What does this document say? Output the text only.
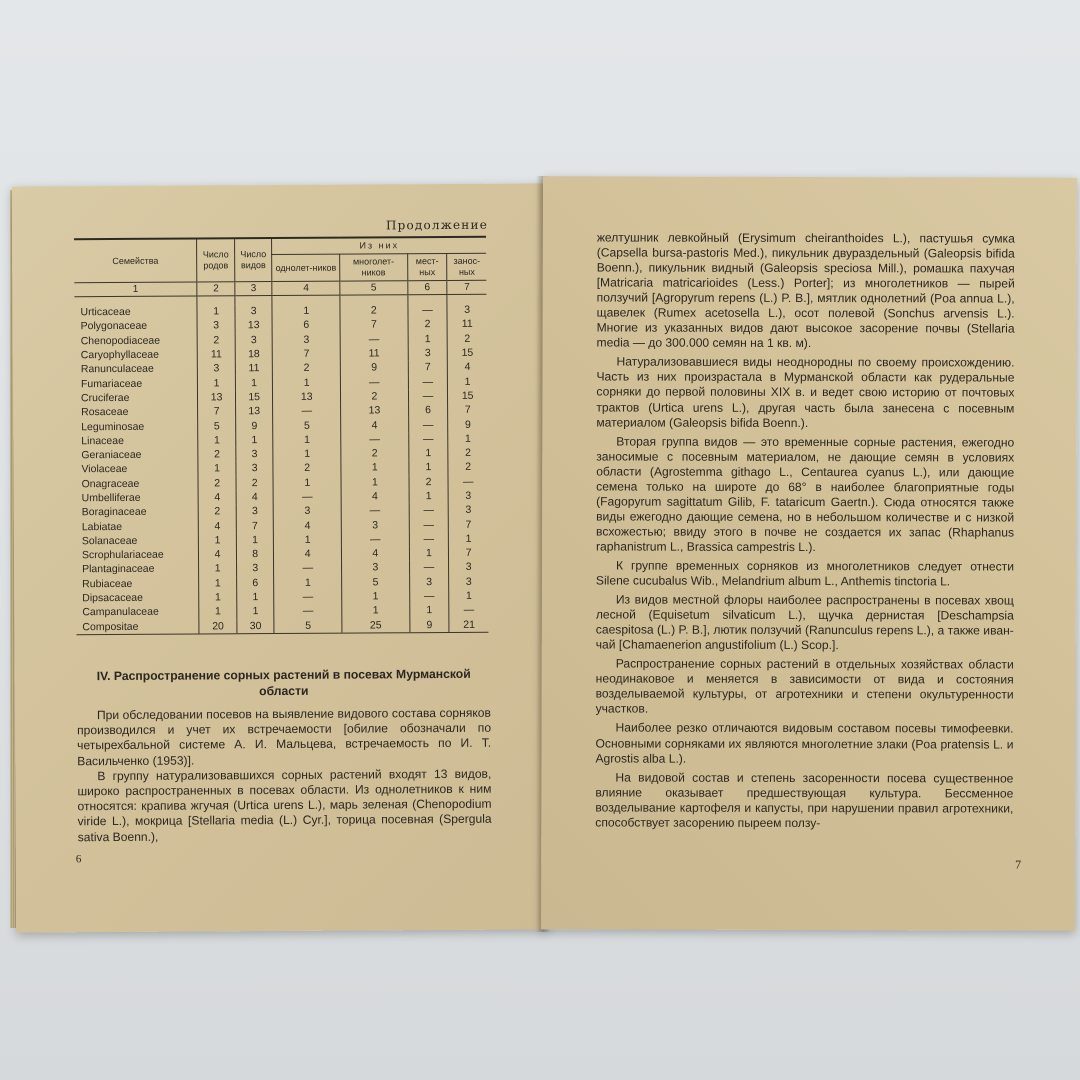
Продолжение
Семейства	Число родов	Число видов	Из них			
			однолет-ников	многолет-ников	мест-ных	занос-ных
1	2	3	4	5	6	7

Urticaceae	1	3	1	2	—	3
Polygonaceae	3	13	6	7	2	11
Chenopodiaceae	2	3	3	—	1	2
Caryophyllaceae	11	18	7	11	3	15
Ranunculaceae	3	11	2	9	7	4
Fumariaceae	1	1	1	—	—	1
Cruciferae	13	15	13	2	—	15
Rosaceae	7	13	—	13	6	7
Leguminosae	5	9	5	4	—	9
Linaceae	1	1	1	—	—	1
Geraniaceae	2	3	1	2	1	2
Violaceae	1	3	2	1	1	2
Onagraceae	2	2	1	1	2	—
Umbelliferae	4	4	—	4	1	3
Boraginaceae	2	3	3	—	—	3
Labiatae	4	7	4	3	—	7
Solanaceae	1	1	1	—	—	1
Scrophulariaceae	4	8	4	4	1	7
Plantaginaceae	1	3	—	3	—	3
Rubiaceae	1	6	1	5	3	3
Dipsacaceae	1	1	—	1	—	1
Campanulaceae	1	1	—	1	1	—
Compositae	20	30	5	25	9	21
IV. Распространение сорных растений в посевах Мурманской области

При обследовании посевов на выявление видового состава сорняков производился и учет их встречаемости [обилие обозначали по четырехбальной системе А. И. Мальцева, встречаемость по И. Т. Васильченко (1953)].

В группу натурализовавшихся сорных растений входят 13 видов, широко распространенных в посевах области. Из однолетников к ним относятся: крапива жгучая (Urtica urens L.), марь зеленая (Chenopodium viride L.), мокрица [Stellaria media (L.) Cyr.], торица посевная (Spergula sativa Boenn.),

6

желтушник левкойный (Erysimum cheiranthoides L.), пастушья сумка (Capsella bursa-pastoris Med.), пикульник двураздельный (Galeopsis bifida Boenn.), пикульник видный (Galeopsis speciosa Mill.), ромашка пахучая [Matricaria matricarioides (Less.) Porter]; из многолетников — пырей ползучий [Agropyrum repens (L.) P. B.], мятлик однолетний (Poa annua L.), щавелек (Rumex acetosella L.), осот полевой (Sonchus arvensis L.). Многие из указанных видов дают высокое засорение почвы (Stellaria media — до 300.000 семян на 1 кв. м).

Натурализовавшиеся виды неоднородны по своему происхождению. Часть из них произрастала в Мурманской области как рудеральные сорняки до первой половины XIX в. и ведет свою историю от почтовых трактов (Urtica urens L.), другая часть была занесена с посевным материалом (Galeopsis bifida Boenn.).

Вторая группа видов — это временные сорные растения, ежегодно заносимые с посевным материалом, не дающие семян в условиях области (Agrostemma githago L., Centaurea cyanus L.), или дающие семена только на широте до 68° в наиболее благоприятные годы (Fagopyrum sagittatum Gilib, F. tataricum Gaertn.). Сюда относятся также виды ежегодно дающие семена, но в небольшом количестве и с низкой всхожестью; ввиду этого в почве не создается их запас (Rhaphanus raphanistrum L., Brassica campestris L.).

К группе временных сорняков из многолетников следует отнести Silene cucubalus Wib., Melandrium album L., Anthemis tinctoria L.

Из видов местной флоры наиболее распространены в посевах хвощ лесной (Equisetum silvaticum L.), щучка дернистая [Deschampsia caespitosa (L.) P. B.], лютик ползучий (Ranunculus repens L.), а также иван-чай [Chamaenerion angustifolium (L.) Scop.].

Распространение сорных растений в отдельных хозяйствах области неодинаковое и меняется в зависимости от вида и состояния возделываемой культуры, от агротехники и степени окультуренности участков.

Наиболее резко отличаются видовым составом посевы тимофеевки. Основными сорняками их являются многолетние злаки (Poa pratensis L. и Agrostis alba L.).

На видовой состав и степень засоренности посева существенное влияние оказывает предшествующая культура. Бессменное возделывание картофеля и капусты, при нарушении правил агротехники, способствует засорению пыреем ползу-

7
